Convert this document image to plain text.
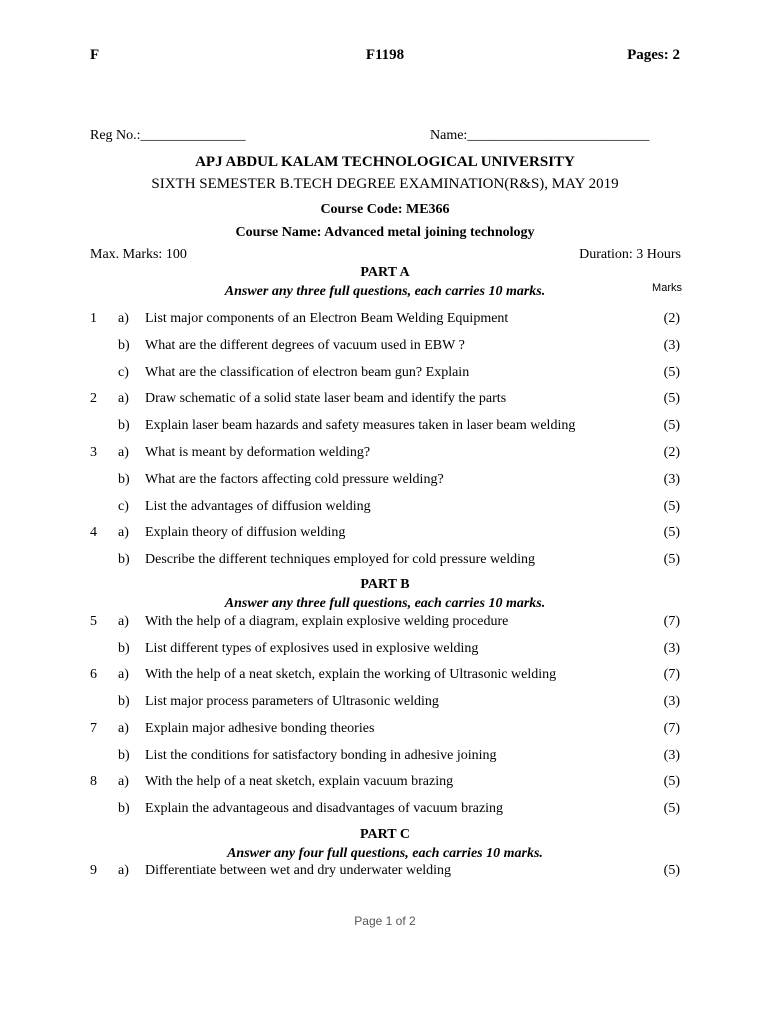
F	F1198	Pages: 2
Reg No.:_______________	Name:__________________________
APJ ABDUL KALAM TECHNOLOGICAL UNIVERSITY
SIXTH SEMESTER B.TECH DEGREE EXAMINATION(R&S), MAY 2019
Course Code: ME366
Course Name: Advanced metal joining technology
Max. Marks: 100	Duration: 3 Hours
PART A
Answer any three full questions, each carries 10 marks.	Marks
1 a) List major components of an Electron Beam Welding Equipment	(2)
b) What are the different degrees of vacuum used in EBW ?	(3)
c) What are the classification of electron beam gun? Explain	(5)
2 a) Draw schematic of a solid state laser beam and identify the parts	(5)
b) Explain laser beam hazards and safety measures taken in laser beam welding	(5)
3 a) What is meant by deformation welding?	(2)
b) What are the factors affecting cold pressure welding?	(3)
c) List the advantages of diffusion welding	(5)
4 a) Explain theory of diffusion welding	(5)
b) Describe the different techniques employed for cold pressure welding	(5)
PART B
Answer any three full questions, each carries 10 marks.
5 a) With the help of a diagram, explain explosive welding procedure	(7)
b) List different types of explosives used in explosive welding	(3)
6 a) With the help of a neat sketch, explain the working of Ultrasonic welding	(7)
b) List major process parameters of Ultrasonic welding	(3)
7 a) Explain major adhesive bonding theories	(7)
b) List the conditions for satisfactory bonding in adhesive joining	(3)
8 a) With the help of a neat sketch, explain vacuum brazing	(5)
b) Explain the advantageous and disadvantages of vacuum brazing	(5)
PART C
Answer any four full questions, each carries 10 marks.
9 a) Differentiate between wet and dry underwater welding	(5)
Page 1 of 2
